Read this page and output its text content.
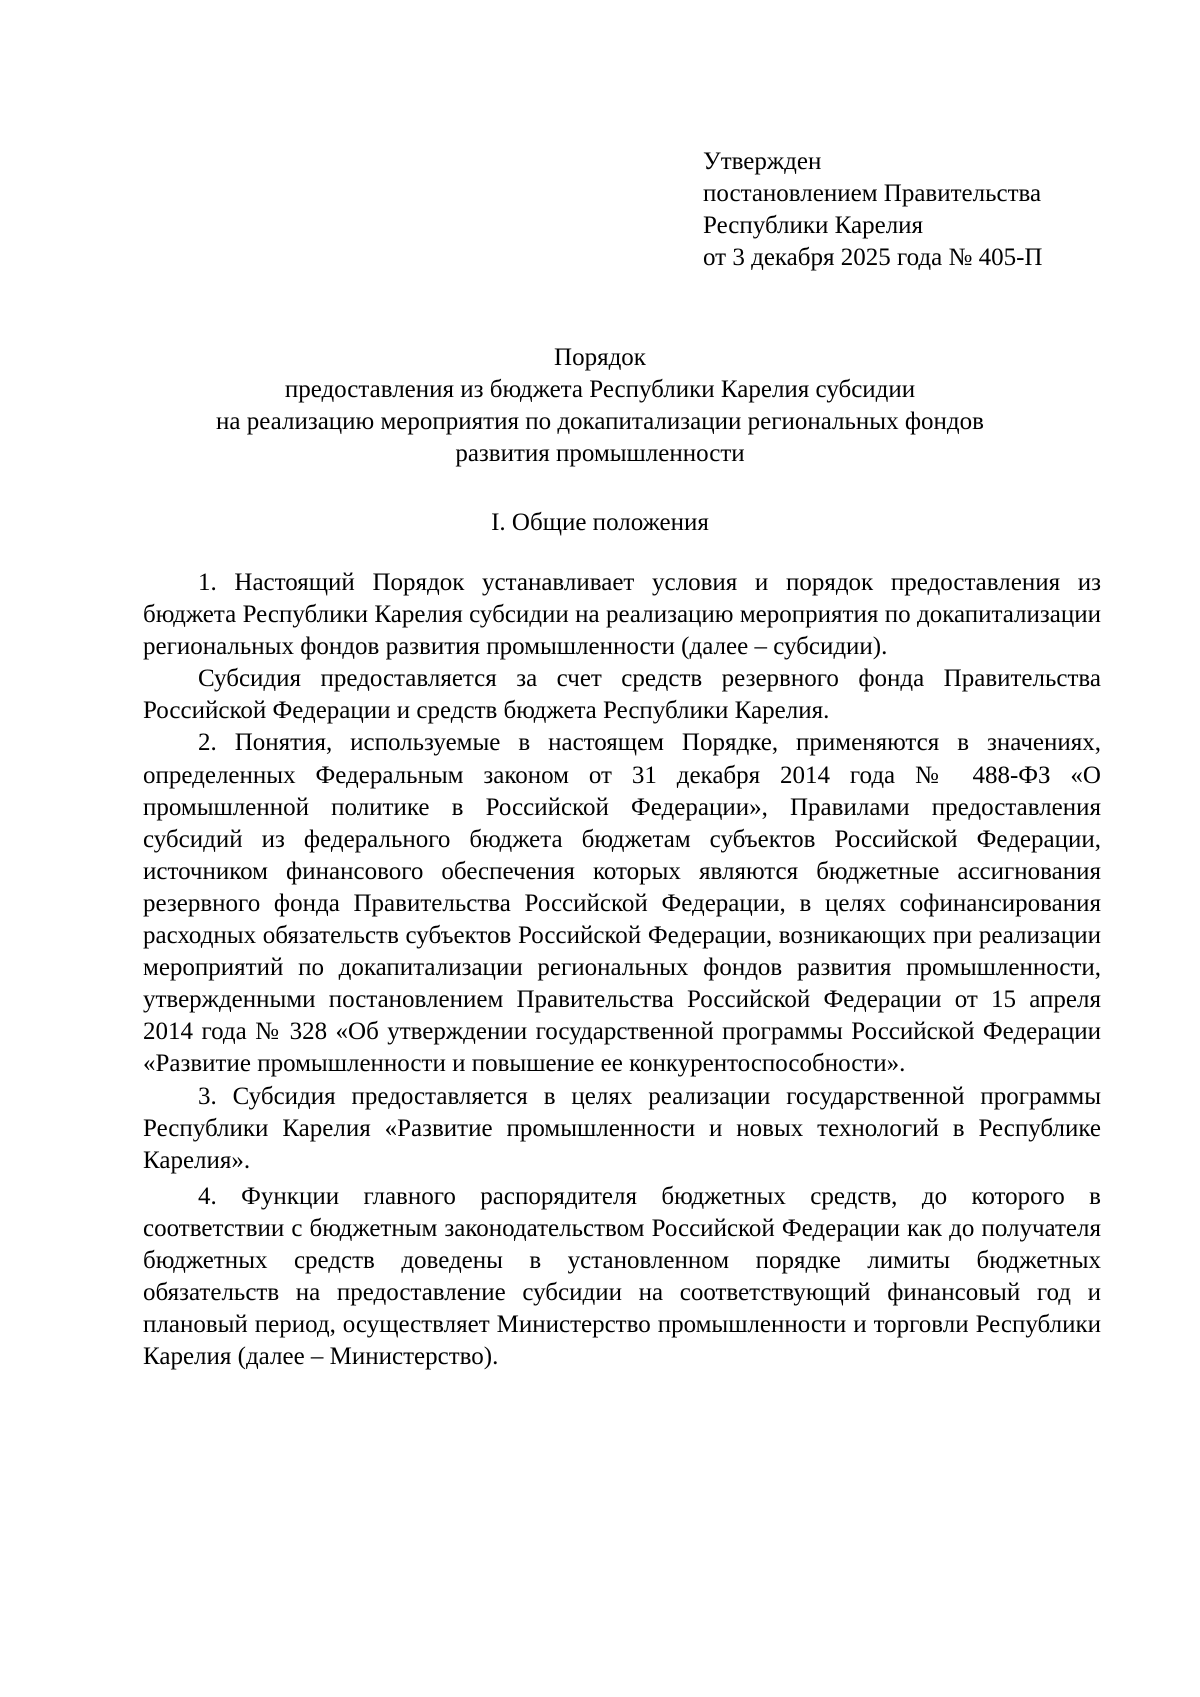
Утвержден
постановлением Правительства
Республики Карелия
от 3 декабря 2025 года № 405-П
Порядок
предоставления из бюджета Республики Карелия субсидии
на реализацию мероприятия по докапитализации региональных фондов
развития промышленности
I. Общие положения

1. Настоящий Порядок устанавливает условия и порядок предоставления из бюджета Республики Карелия субсидии на реализацию мероприятия по докапитализации региональных фондов развития промышленности (далее – субсидии).

Субсидия предоставляется за счет средств резервного фонда Правительства Российской Федерации и средств бюджета Республики Карелия.

2. Понятия, используемые в настоящем Порядке, применяются в значениях, определенных Федеральным законом от 31 декабря 2014 года № 488-ФЗ «О промышленной политике в Российской Федерации», Правилами предоставления субсидий из федерального бюджета бюджетам субъектов Российской Федерации, источником финансового обеспечения которых являются бюджетные ассигнования резервного фонда Правительства Российской Федерации, в целях софинансирования расходных обязательств субъектов Российской Федерации, возникающих при реализации мероприятий по докапитализации региональных фондов развития промышленности, утвержденными постановлением Правительства Российской Федерации от 15 апреля 2014 года № 328 «Об утверждении государственной программы Российской Федерации «Развитие промышленности и повышение ее конкурентоспособности».

3. Субсидия предоставляется в целях реализации государственной программы Республики Карелия «Развитие промышленности и новых технологий в Республике Карелия».

4. Функции главного распорядителя бюджетных средств, до которого в соответствии с бюджетным законодательством Российской Федерации как до получателя бюджетных средств доведены в установленном порядке лимиты бюджетных обязательств на предоставление субсидии на соответствующий финансовый год и плановый период, осуществляет Министерство промышленности и торговли Республики Карелия (далее – Министерство).
